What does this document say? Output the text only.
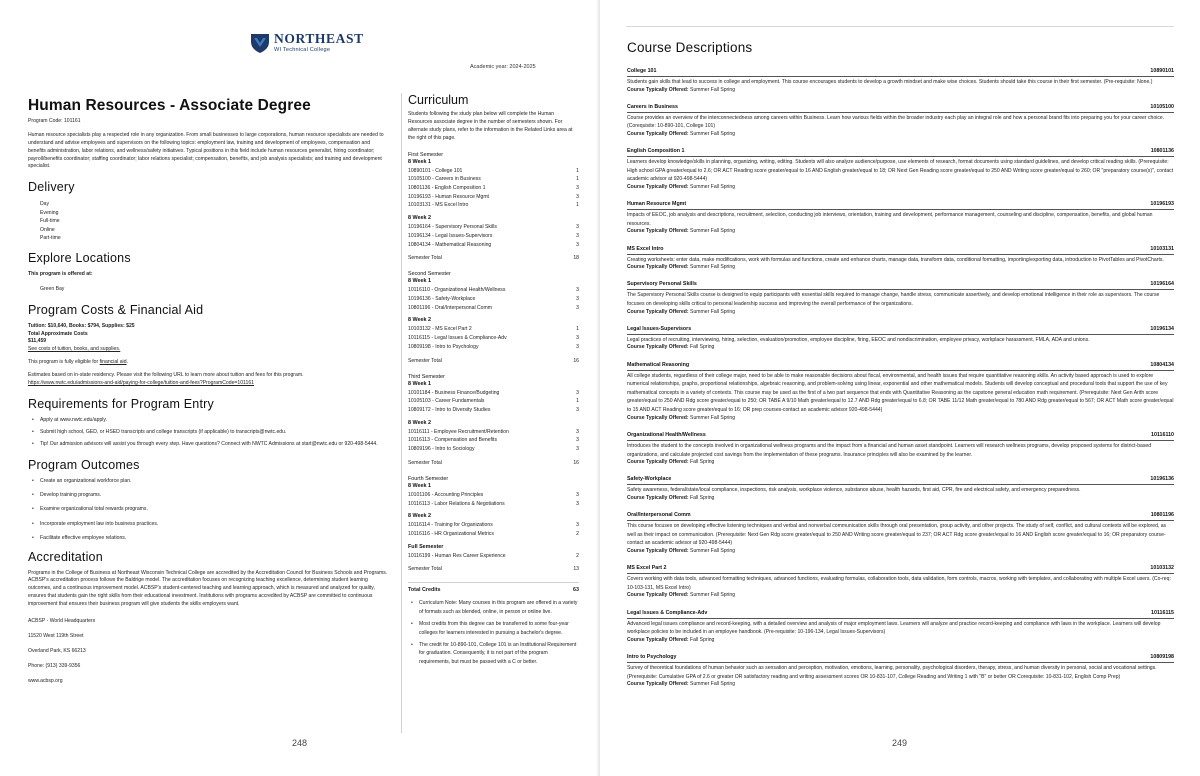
NORTHEAST
WI Technical College
Academic year: 2024-2025
Human Resources - Associate Degree
Program Code: 101161
Human resource specialists play a respected role in any organization. From small businesses to large corporations, human resource specialists are needed to understand and advise employees and supervisors on the following topics: employment law, training and development of employees, compensation and benefits administration, labor relations, and wellness/safety initiatives. Typical positions in this field include human resources generalist, hiring coordinator; payroll/benefits coordinator; staffing coordinator; labor relations specialist; compensation, benefits, and job analysis specialists; and training and development specialist.
Delivery
Day
Evening
Full-time
Online
Part-time
Explore Locations
This program is offered at:
Green Bay
Program Costs & Financial Aid
Tuition: $10,640, Books: $794, Supplies: $25
Total Approximate Costs
$11,459
See costs of tuition, books, and supplies.
This program is fully eligible for financial aid.
Estimates based on in-state residency. Please visit the following URL to learn more about tuition and fees for this program.
https://www.nwtc.edu/admissions-and-aid/paying-for-college/tuition-and-fees?ProgramCode=101161
Requirements for Program Entry
• Apply at www.nwtc.edu/apply.
• Submit high school, GED, or HSED transcripts and college transcripts (if applicable) to transcripts@nwtc.edu.
• Tip! Our admission advisors will assist you through every step. Have questions? Connect with NWTC Admissions at start@nwtc.edu or 920-498-5444.
Program Outcomes
• Create an organizational workforce plan.
• Develop training programs.
• Examine organizational total rewards programs.
• Incorporate employment law into business practices.
• Facilitate effective employee relations.
Accreditation
Programs in the College of Business at Northeast Wisconsin Technical College are accredited by the Accreditation Council for Business Schools and Programs. ACBSP's accreditation process follows the Baldrige model. The accreditation focuses on recognizing teaching excellence, determining student learning outcomes, and a continuous improvement model. ACBSP's student-centered teaching and learning approach, which is measured and analyzed for quality, ensures that students gain the right skills from their educational investment. Institutions with programs accredited by ACBSP are committed to continuous improvement that ensures their business program will give students the skills employers want.
ACBSP - World Headquarters
11520 West 119th Street
Overland Park, KS 66213
Phone: (913) 339-9356
www.acbsp.org
Curriculum
Students following the study plan below will complete the Human Resources associate degree in the number of semesters shown. For alternate study plans, refer to the information in the Related Links area at the right of this page.
First Semester
8 Week 1
10890101 - College 101	1
10105100 - Careers in Business	1
10801136 - English Composition 1	3
10196193 - Human Resource Mgmt	3
10103131 - MS Excel Intro	1
8 Week 2
10196164 - Supervisory Personal Skills	3
10196134 - Legal Issues-Supervisors	3
10804134 - Mathematical Reasoning	3
Semester Total	18
Second Semester
8 Week 1
10116110 - Organizational Health/Wellness	3
10196136 - Safety-Workplace	3
10801196 - Oral/Interpersonal Comm	3
8 Week 2
10103132 - MS Excel Part 2	1
10116115 - Legal Issues & Compliance-Adv	3
10809198 - Intro to Psychology	3
Semester Total	16
Third Semester
8 Week 1
10101184 - Business Finance/Budgeting	3
10105103 - Career Fundamentals	1
10809172 - Intro to Diversity Studies	3
8 Week 2
10116111 - Employee Recruitment/Retention	3
10116113 - Compensation and Benefits	3
10809196 - Intro to Sociology	3
Semester Total	16
Fourth Semester
8 Week 1
10101106 - Accounting Principles	3
10116113 - Labor Relations & Negotiations	3
8 Week 2
10116114 - Training for Organizations	3
10116116 - HR Organizational Metrics	2
Full Semester
10116199 - Human Res Career Experience	2
Semester Total	13
Total Credits	63
• Curriculum Note: Many courses in this program are offered in a variety of formats such as blended, online, in person or online live.
• Most credits from this degree can be transferred to some four-year colleges for learners interested in pursuing a bachelor's degree.
• The credit for 10-890-101, College 101 is an Institutional Requirement for graduation. Consequently, it is not part of the program requirements, but must be passed with a C or better.
248
Course Descriptions
College 101	10890101
Students gain skills that lead to success in college and employment. This course encourages students to develop a growth mindset and make wise choices. Students should take this course in their first semester. (Pre-requisite: None.)
Course Typically Offered: Summer Fall Spring
Careers in Business	10105100
Course provides an overview of the interconnectedness among careers within Business. Learn how various fields within the broader industry each play an integral role and how a personal brand fits into preparing you for your career choice. (Corequisite: 10-890-101, College 101)
Course Typically Offered: Summer Fall Spring
English Composition 1	10801136
Learners develop knowledge/skills in planning, organizing, writing, editing. Students will also analyze audience/purpose, use elements of research, format documents using standard guidelines, and develop critical reading skills. (Prerequisite: High school GPA greater/equal to 2.6; OR ACT Reading score greater/equal to 16 AND English greater/equal to 18; OR Next Gen Reading score greater/equal to 250 AND Writing score greater/equal to 260; OR "preparatory course(s)", contact academic advisor at 920-498-5444)
Course Typically Offered: Summer Fall Spring
Human Resource Mgmt	10196193
Impacts of EEOC, job analysis and descriptions, recruitment, selection, conducting job interviews, orientation, training and development, performance management, counseling and discipline, compensation, benefits, and global human resources.
Course Typically Offered: Summer Fall Spring
MS Excel Intro	10103131
Creating worksheets: enter data, make modifications, work with formulas and functions, create and enhance charts, manage data, transform data, conditional formatting, importing/exporting data, introduction to PivotTables and PivotCharts.
Course Typically Offered: Summer Fall Spring
Supervisory Personal Skills	10196164
The Supervisory Personal Skills course is designed to equip participants with essential skills required to manage change, handle stress, communicate assertively, and develop emotional intelligence in their role as supervisors. The course focuses on developing skills critical to personal leadership success and improving the overall performance of the organizations.
Course Typically Offered: Summer Fall Spring
Legal Issues-Supervisors	10196134
Legal practices of recruiting, interviewing, hiring, selection, evaluation/promotion, employee discipline, firing, EEOC and nondiscrimination, employee privacy, workplace harassment, FMLA, ADA and unions.
Course Typically Offered: Fall Spring
Mathematical Reasoning	10804134
All college students, regardless of their college major, need to be able to make reasonable decisions about fiscal, environmental, and health issues that require quantitative reasoning skills. An activity based approach is used to explore numerical relationships, graphs, proportional relationships, algebraic reasoning, and problem-solving using linear, exponential and other mathematical models. Students will develop conceptual and procedural tools that support the use of key mathematical concepts in a variety of contexts. This course may be used as the first of a two part sequence that ends with Quantitative Reasoning as the capstone general education math requirement. (Prerequisite: Next Gen Arith score greater/equal to 250 AND Rdg score greater/equal to 250; OR TABE A 9/10 Math greater/equal to 12.7 AND Rdg greater/equal to 6.8; OR TABE 11/12 Math greater/equal to 780 AND Rdg greater/equal to 567; OR ACT Math score greater/equal to 15 AND ACT Reading score greater/equal to 16; OR prep courses-contact an academic advisor 920-498-5444)
Course Typically Offered: Summer Fall Spring
Organizational Health/Wellness	10116110
Introduces the student to the concepts involved in organizational wellness programs and the impact from a financial and human asset standpoint. Learners will research wellness programs, develop proposed systems for district-based organizations, and calculate projected cost savings from the implementation of these programs. Insurance principles will also be examined by the learner.
Course Typically Offered: Fall Spring
Safety-Workplace	10196136
Safety awareness, federal/state/local compliance, inspections, risk analysis, workplace violence, substance abuse, health hazards, first aid, CPR, fire and electrical safety, and emergency preparedness.
Course Typically Offered: Fall Spring
Oral/Interpersonal Comm	10801196
This course focuses on developing effective listening techniques and verbal and nonverbal communication skills through oral presentation, group activity, and other projects. The study of self, conflict, and cultural contexts will be explored, as well as their impact on communication. (Prerequisite: Next Gen Rdg score greater/equal to 250 AND Writing score greater/equal to 237; OR ACT Rdg score greater/equal to 16 AND English score greater/equal to 16; OR preparatory course-contact an academic advisor at 920-498-5444)
Course Typically Offered: Summer Fall Spring
MS Excel Part 2	10103132
Covers working with data tools, advanced formatting techniques, advanced functions, evaluating formulas, collaboration tools, data validation, form controls, macros, working with templates, and collaborating with multiple Excel users. (Co-req: 10-103-131, MS Excel Intro)
Course Typically Offered: Summer Fall Spring
Legal Issues & Compliance-Adv	10116115
Advanced legal issues compliance and record-keeping, with a detailed overview and analysis of major employment laws. Learners will analyze and practice record-keeping and compliance with laws in the workplace. Learners will develop workplace policies to be included in an employee handbook. (Pre-requisite: 10-196-134, Legal Issues-Supervisors)
Course Typically Offered: Fall Spring
Intro to Psychology	10809198
Survey of theoretical foundations of human behavior such as sensation and perception, motivation, emotions, learning, personality, psychological disorders, therapy, stress, and human diversity in personal, social and vocational settings. (Prerequisite: Cumulative GPA of 2.6 or greater OR satisfactory reading and writing assessment scores OR 10-831-107, College Reading and Writing 1 with "B" or better OR Corequisite: 10-831-102, English Comp Prep)
Course Typically Offered: Summer Fall Spring
249
